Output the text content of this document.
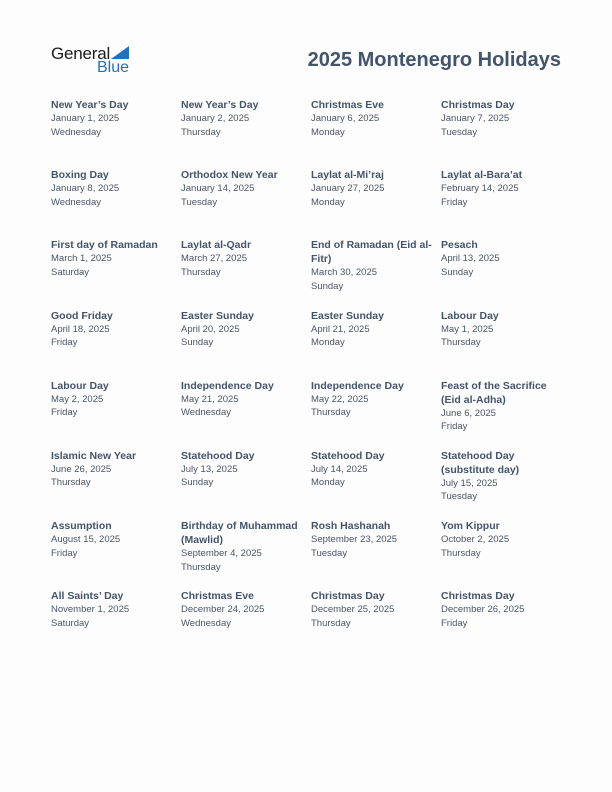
General
Blue	2025 Montenegro Holidays
New Year’s Day
January 1, 2025
Wednesday
New Year’s Day
January 2, 2025
Thursday
Christmas Eve
January 6, 2025
Monday
Christmas Day
January 7, 2025
Tuesday
Boxing Day
January 8, 2025
Wednesday
Orthodox New Year
January 14, 2025
Tuesday
Laylat al-Mi’raj
January 27, 2025
Monday
Laylat al-Bara’at
February 14, 2025
Friday
First day of Ramadan
March 1, 2025
Saturday
Laylat al-Qadr
March 27, 2025
Thursday
End of Ramadan (Eid al-Fitr)
March 30, 2025
Sunday
Pesach
April 13, 2025
Sunday
Good Friday
April 18, 2025
Friday
Easter Sunday
April 20, 2025
Sunday
Easter Sunday
April 21, 2025
Monday
Labour Day
May 1, 2025
Thursday
Labour Day
May 2, 2025
Friday
Independence Day
May 21, 2025
Wednesday
Independence Day
May 22, 2025
Thursday
Feast of the Sacrifice (Eid al-Adha)
June 6, 2025
Friday
Islamic New Year
June 26, 2025
Thursday
Statehood Day
July 13, 2025
Sunday
Statehood Day
July 14, 2025
Monday
Statehood Day (substitute day)
July 15, 2025
Tuesday
Assumption
August 15, 2025
Friday
Birthday of Muhammad (Mawlid)
September 4, 2025
Thursday
Rosh Hashanah
September 23, 2025
Tuesday
Yom Kippur
October 2, 2025
Thursday
All Saints’ Day
November 1, 2025
Saturday
Christmas Eve
December 24, 2025
Wednesday
Christmas Day
December 25, 2025
Thursday
Christmas Day
December 26, 2025
Friday
